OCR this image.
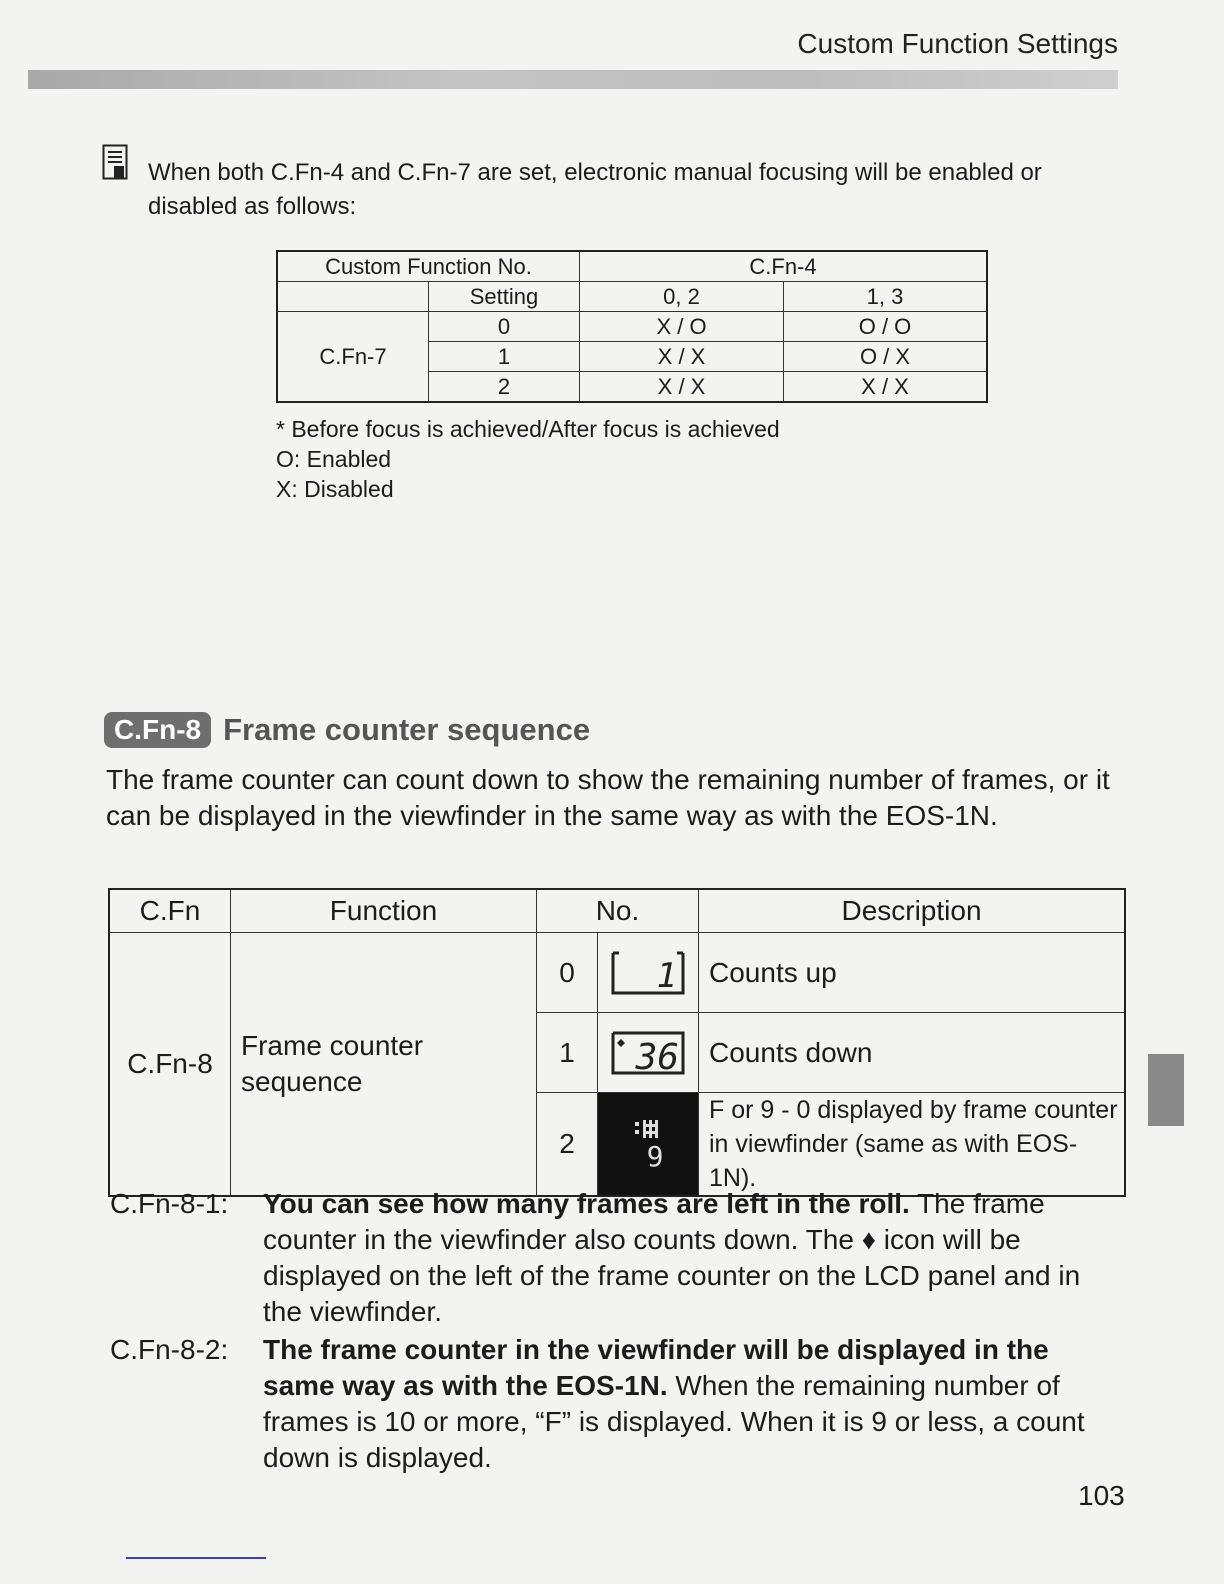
Custom Function Settings
When both C.Fn-4 and C.Fn-7 are set, electronic manual focusing will be enabled or disabled as follows:
Custom Function No.		C.Fn-4	
	Setting	0, 2	1, 3
C.Fn-7	0	X / O	O / O
	1	X / X	O / X
	2	X / X	X / X
* Before focus is achieved/After focus is achieved
O: Enabled
X: Disabled
C.Fn-8 Frame counter sequence
The frame counter can count down to show the remaining number of frames, or it can be displayed in the viewfinder in the same way as with the EOS-1N.
C.Fn	Function	No.		Description
C.Fn-8	Frame counter sequence	0	1	Counts up
		1	36	Counts down
		2	9	F or 9 - 0 displayed by frame counter in viewfinder (same as with EOS-1N).
C.Fn-8-1:	You can see how many frames are left in the roll. The frame counter in the viewfinder also counts down. The ♦ icon will be displayed on the left of the frame counter on the LCD panel and in the viewfinder.
C.Fn-8-2:	The frame counter in the viewfinder will be displayed in the same way as with the EOS-1N. When the remaining number of frames is 10 or more, “F” is displayed. When it is 9 or less, a count down is displayed.
103
